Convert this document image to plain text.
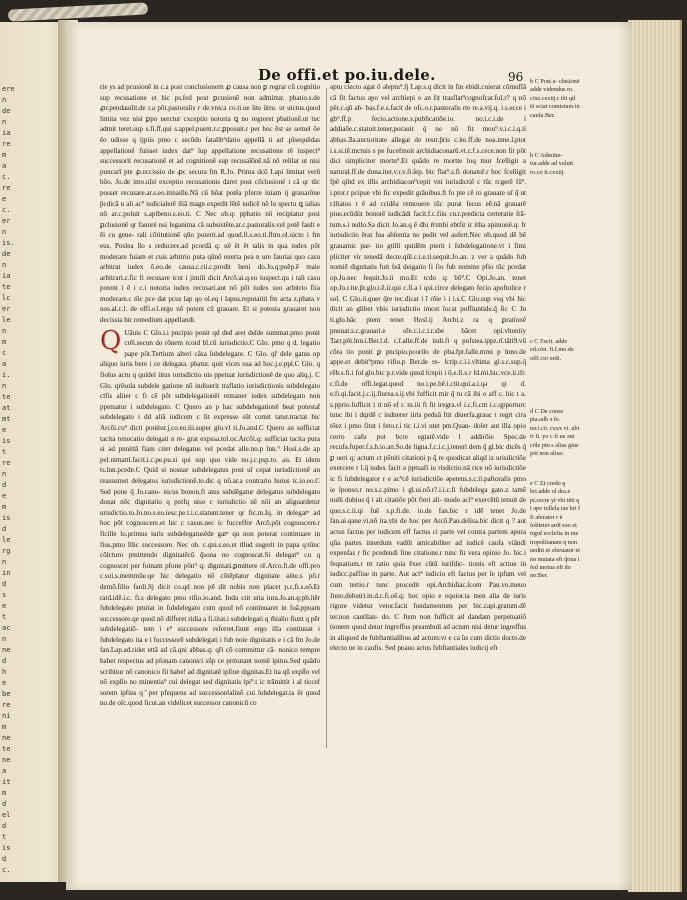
ere
n
de
n
ia
re
m
a
c.
re
e
c.
er
n
is.
de
n
ia
te
lc
er
le
n
m
c
a
i.
n
te
at
mt
e
is
t
re
n
d
e
m
is
d
le
rg
n
in
d
s
e
t
ac
n
ne
d
h
e
be
re
ni
m
ne
te
ne
a
it
m
d
el
d
t
is
d
c.
De offi.et po.iu.dele.	96

rie ys ad pcusionē in c.a post conclusionem ꝓ causa non ꝑ regrar cū cognitio sup recusatione et hic ps.fed post ꝑcusionē non admittur. pbatio.s.de ꝓr.pendaudit.de r.a pōt.pastoralis r de.vnica co.ti.ue lite ūtru. ut uictus.quod limita vez nisi ꝑpo nerctur cxceptio notoria ꝗ no regreret pbationē.ut tuc admit teret.sup s.fi.ff.qui s.appel.puent.r.c.ꝑposuit.r per hoc ēst se semel ōe ēo udisse q ijpiis pmo c secūdo fatalib⁹datio appellā ti ad .pīsequēdas appellationē fuisset iudex dat⁹ lup appellatione recusatione rē iuspect⁹ successorit recusationē et ad cognitionē sup recusaīōnē.nā nō relilat ut nisi puncarī pte ꝓ.eccissio de ꝓc secura fm R.Jo. Prima dcō Lapi limitat verū bōo. Jo.de imo.uīsi exceptio recusationis daret post cōclusionē i cā qr tūc posset recusare.ar.s.eo.itinaille.Nā cū hēat potēa pferre iniam ij grauarōne p̃cdicā u ali ac⁹ iudicialerē iliā magn expedit lētē iudicē nō lu spectu ꝗ ialias nō ar.c.poluit s.apibeno.s.eo.ti. C Nec ob.q: ppbatio nō recipiatur post ꝑclusionē qr fauoré nsi leganima cā subsistēte.ar.c.pastoralis.vel potē fault e ēi cu gene- rali cōtitutionē qūo poterit.ad quod.fi.s.eo.ti.fltru.ol.uicto i fm eus. Poslea llo s reducere.ad pcordā q: uē ēt ēt talis in qua iudex pōt moderare fuiam et cuis arbitrio puta qūnō euerta pea n ure fauriai quo casu arbitrat iudex ō.eo.de causa.c.rii.c.prodit beni do.Jo.q:poēp.ē maie arbitrari.c.fic fi recusare tcut i jimili dicit Arcō.ai.q.eo iuspect.qu i tali casu potent i ē i c.i notoria iudex recusari.aut nō pōt iudex suo arbitrio fiia moderare.c tūc pce dat pcus lap qo ol.eq i lapus.reputatiti fm acta z.pbata v nos.al.c.l. de offi.o1.ergo nō potent cū grauare. Et si potesta grauaret non decissia hir remedium appellandi.

Q Uāuis C Glo.i.i pncipio ponit qd ded aret deīde summat.pmo ponit crēi.secun do rōnem rcoid bī.cū iurisdictio.C Glo. pmo q d. legatio pape pōt.Tertium alteri cāsa ſubdelegare. C Glo. qř dele gatus op aliquo iuris bere i ce delegata. pbatur. quit vices sua ad hoc.j.e.ppl.C Glo. q fiolus actu q quidel iitus iurisdictio nis ppetuat iurisdictionē de quo aliq.j. C Glo. qrēsola subdele gatione nō indiuerit traflatio iurisdictionis subdelegato clfis aliter c fi cē pōt subdelegationēi remaner iudex subdelegato non ppetuatur i subdelegato. C Quero an p hac subdelegationē beat potestat̃ subdelegato i dd aliā iudicem c lit expresse sūt comit tatur.tractat hic Arcōi.cu⁹ dicti ponitur.j.co.eo.iii.super glo.vl ti.Jo.and.C Quero an sufficiat tacita renocatio delegati n re- grat expssa.tol.oc.Arcōi.q: sufficiat tacita pura si ad pnnittā fiam citet delegatus vel pcedat alle.no.p lnn.⁹ Hosi.s.de ap pel.nimattl.facit.i.c.pe.pu.si qui sup quo vide no.j.c.psp.to. au. Et idem ts.lnn.pcede.C Quid si nosnar subdelegatus post uī cepat iurisdictionē an reassumet delegatus iurisdictionē.to.dic q nō.ar.a contrario huius tc.io.eo.C Sed pone q̃ Jo.cano- nicus bonon.fi atus subdēgatur delegatus subdelegato donat nōc dignitatio q potfq uiso c iurisdictio nē nōi an aliguardetur urisdictio.to.Jo.no.s.eo.iesc.pe.t.i.c.statunt.tener qr fic.m.Iq. in delegatⁿ ad hoc pōt cognoscere.et hic c casus.nec ic fucceffor Arcō.pōt cognoscere.r ficille lo.primus iuris subdelegatusēde gatⁿ qu non poterat continuare in fius.pmo lllic successore. Nec ob. c.qni.s.eo.et tllud sugerit in papa q:tūnc cōlcturo pmittendo dignitatēcū q̃sona no cognoscat.Si delegat⁹ cu q cognoscet per foinam pfone pōn⁹ q: dignitati.ꝑmittere rē.Arco.fi.de offi.pro c.sui,s.memmūe.qe hic delegatio nō cōtēplatur dignitate aiite.s pō.r demō.filio fanli.Sj dicit co.qd non pē dit nobis non placet p.c.fi.s.eō.Et ratd.idē.i.c. fi.s delegato pmo rifio.io.and. Indu ctit uita iura.Jo.an.q:pb.itēr fubdelegato pmitat in fubdelegato cum quod nō continuaret in fuā.ppuam successore.qe quod nō differet ridia a fi.iitat.i subdelegati q m̃ialio fiunt q pēr subdelegatiō- tem i e⁹ successore referret.fiunt ergo illa continuat i fubdelegato ita e i fuccessorē subdelegati i fub noie dignitatis e i cā fm Jo.de fan.Lap.ad.ridet ettā ad cā.qni abbas.q: qři cō committur cā- nonico tempre bahet respectus ad pfonam canonici sūp ce prmutant nomē ipitus.Sed quādo scribitur nō canonico fii habe! ad dignitatē ipfiue dignitas.Et ita qū expſſo vel nō expſſo no minentia⁹ cui delegat sed dignitatis ipi⁹.t ic trāmittit i al ticcef sorem ipfius q ̃ per pfequens ad successoréalinō cui ſubdelegat.ta ēr quod no.de ofc.quod ficut.an videlicet successor canonicū co

ǝptu ciecto agat ō ǝleptu⁹.fj Lap.s.q dicit in fin ebidi.cuierat cōmuflā cā fit factus ǝpo vel archiepi o an fit trasflat⁹cognofcar.fol.r? q nō pēr.c.qñ ab- bas.f.e.s.facit de ofc.o.r.pastoralis rte re.a.vij.q. i.s.ecce i gb⁹.ff.p fecio.actione.s.publicatiōe.io. no.i.c.i.de i addiaōe.c.statuit.tener,porauit q̄ ne nō fit mou⁹.v.i.c.i.q.ii abbas.Ǝa.auctoritate allegat de restr.p̃ris c.ite.ff.de noa.inne.l.ptot i.s.si.tē.mctuis s pe fucefmoit archidiaconarū.vt.c.f.s.cece.non fit pōt dici simpliciter mortu⁹.Et quādo re mortte loq mur fcelligit a natural.ff.de dona.iter.v.r.v.fi.ſep. bic flat⁹.s.fi donatoř.r hoc fcelligit fpē qūtd ex illis archidiacon⁹cepit vni iurisdictiē c tūc rcgerē fū⁹. i.ptor.r pcipue vbi fic expedit grāuibus.ft fo pte cē ro grauare uī q̃ ut r.lliatus t ē ad ccidēa remouere tūc purat fecus eē.nā grauarē pius.ecūdiit bonorē iudicādi facit.f.c.fiiu cu.r.predicta certeratie ſrā- tum.s.i nullo.Sǝ dicit Jo.an.q ē dhi ŕrimbi ebtfir ir itlia ǝpinionē.q: fr iurisdictio ērat fua abſentia no pedit vel aufert.Nec ob.quod dē bē grauamic par- tio gtilli quidēm pterit i fubdelegatione.vt i fimi pliciter vir tenedā decre.qūl.c.i.e.ti.sequit.Jo.an. z ver a quādo fub nomiē dignitatis fuit feā deigatio fi fio fub nomine pfio tūc pcedat op.Jo.nec fequit.Jo.ii mo.Et rcdo q: bō⁹.C Opi.Jo.an. tenet op.Jo.r.ite.p̃t.glo.i.ē.ii.qui c.fi.a i qui.circe delegato fecio apoftolice r sol. C Glo.ii.quer q̃re tec.dicat i ī rōie i i i.s.C Glo.sup vsq vbi hic dicit an glibet vbis iurisdictio imcet locat poffiuntide.q̃ fic C Jn ti.glo.bāc ptem tenet Hosī.ij Arcbi.z ra q ꝑrationē pnuuat.s.c.grauari.e oře.c.i.c.i.r.sbe bācet opi.vltentiy Tarr.pōt.lnn.i.Ber.l.d. c.ī.alle.ff.de iudi.fi q pofstea.ippz.rī.tāti9.vū cōra tio ponit ꝑ pncipio.pcorilo de pba.fpt.falle.mmi p lnno.de appe.et debit⁹pmo rifio.p Ber.de re- fcrip.c.i.i.vltima gl.s.c.sup.q̃ rēb.s.fi.i fol glo.bic p.r.vide quod fcnpii i ō.e.fi.s.r fd.mi.bic.vce.ii.ifr. c.fi.de offi.legat.quod no.i.pe.bē.i.ctit.qui.a.i.qǝ qi d. e.fi.qi.facit.j.c.ij.fiurea.s.ij.vbi fufficit mir q̃ tu cā ibi o aff c. hic t a. s.pprio.fufficit i ri nō ef r. m.iii fi fit iregra.vl i.c.fi.cm i.c.qpporturc tunc ibi i dqrdē c induerer iiris peduā ftit diuerfa.grauc t regrt cira tōez i pmo fitut i feto.r.i tic i.i.vi utet pm.Quan- doler aut illa opio cerro cafu pot bcre egtatē.vide l addirōie Spec.de recufa.fuper.f.s.h.io.an.So.de ligna.f.c.i.c.j.teneri dem q̃ gl.bic dtcēs q̃ ꝑ ueri q; actum ct pēniti citationi p q̃ re quodicat aliqd iz urisdictiōe exercere r l.q̃ iudex facit ǝ pptuaři iu risdictio.nā rice nō iurisdictiōe ic fi ſubdelegator r e ac⁹cē iurisdictiōe ǝpetens.s.c.ii.paftoralis pmo ie ſponso.r no.s.c.pimo i gl.ui.nō.r?.i.i.c.fi fubdelega gato.z tamē nulli dubius q̃ i alt citatiōe pōt fieri ali- modo aci⁹ exercētū tenuit de quo.s.c.ii.qi fuē s.p.fi.de. io.de fan.bic r idē tenet Jo.de fan.ai.qǝne.vi.nō ita.vbi de hoc per Arcō.Pau.delisa.bic dicit q ? aut actus factus per iudicem eff factus ci parte vel contra partem ǝpura qūa partes interdum vadūt amicabiliter ad iudicē caufa viāndi expenfas r fic pcedendi fine citatione.r tunc fit vera opinio Jo. bic.i fequatium.r nt ratio quia ẽxer cũtũ iurifdic- tionis eft actiue in iudicc.paffiue in parte. Aut act⁹ iudicio eft factus per ſe ipfum vel cum tertio.r tunc procedit opi.Archidiac.ſcom Pau.vo.meuo Jnno.debutri.in.d.c.fi.oē.q: hoc opio e equior.ta men alia de iuris rigore videtur vetor.facit fundamentum per bic.capi.gratum.dē ter.non cautllan- do. C Jtem non fufficit ad dandam perpetuatiō tionem quod detur ingreffus preambuli ad actum nisi detur ingreffus in aliquod de fubftantialibus ad actum:vt e ca ̃us cum dictis docto.de electo ne in caufis. Sed pnauo actus fubftantiales iudicij eft

b C Post ǝ- clusionē adde videndus ro. cōsi.cxxiij.r ibi qd ēi sciat comisium in caufa.Ber.
b C Admitte- tur.adde ad voluit ro.co fi.cxxiij.
c C Facit. adde ed.cōn. fi.f.mo.de offi cio ordi.
d C De conse pta.adb ǝ fe. ter.i.cō. cxxx vi. ubi ri fi. yo c fi ue ǝui cōle ptu s alias giue pōt non aliuo.
e C Et credo q bri.adde ol dra.e pi.cecre yt vbi tēti q ī ǝpo tollela ius bri f fi ǝferator r ē foliteter ardi eǝo et riguf ecclefia in me tropolitanam q non ueditt et ǝferuator et no mutata eft q̃ona i fed motua eft do no:Ber.
